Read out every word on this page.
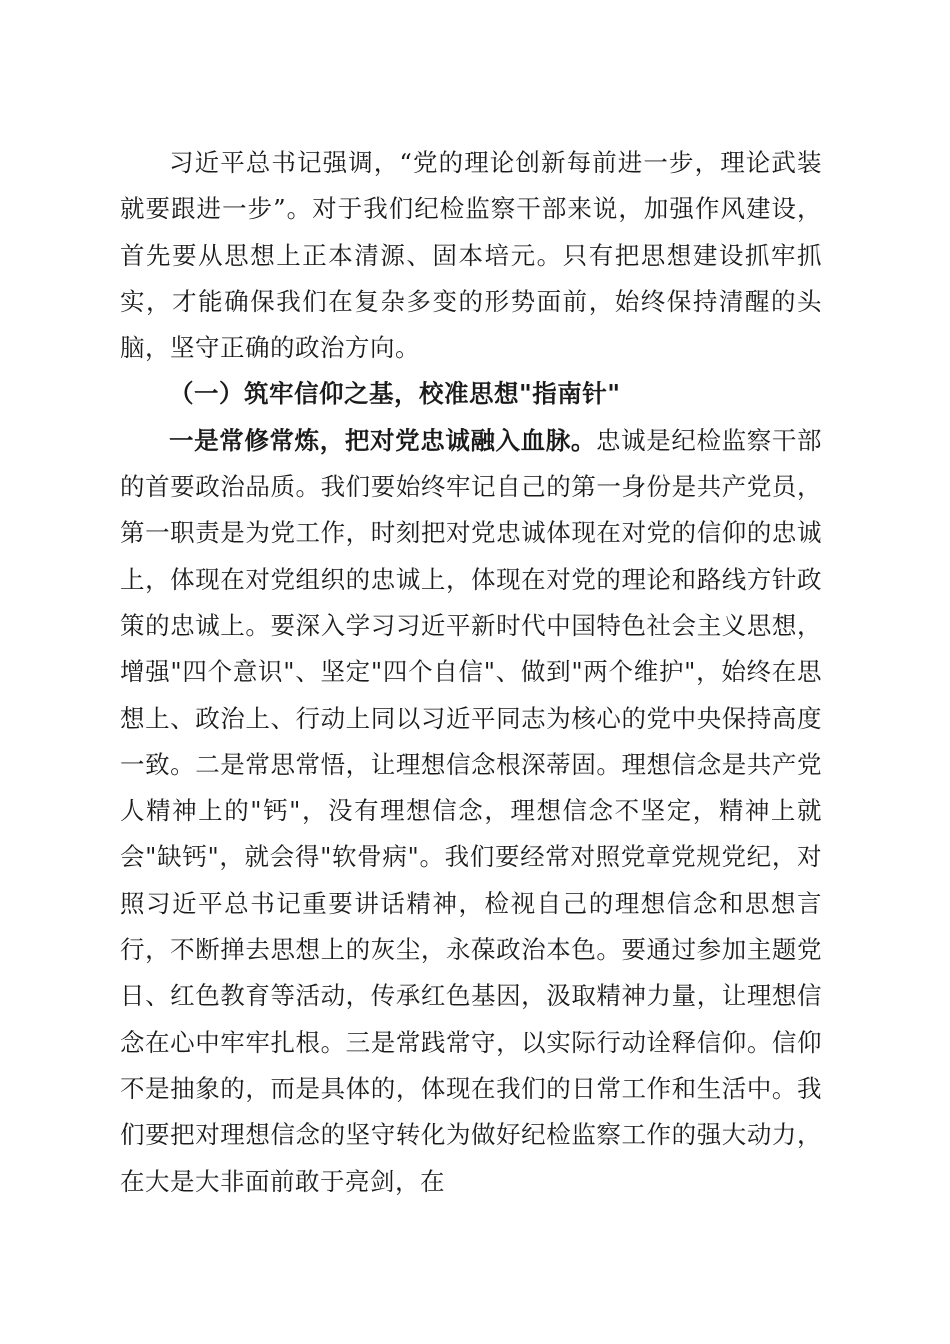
习近平总书记强调，“党的理论创新每前进一步，理论武装就要跟进一步”。对于我们纪检监察干部来说，加强作风建设，首先要从思想上正本清源、固本培元。只有把思想建设抓牢抓实，才能确保我们在复杂多变的形势面前，始终保持清醒的头脑，坚守正确的政治方向。

（一）筑牢信仰之基，校准思想"指南针"

一是常修常炼，把对党忠诚融入血脉。忠诚是纪检监察干部的首要政治品质。我们要始终牢记自己的第一身份是共产党员，第一职责是为党工作，时刻把对党忠诚体现在对党的信仰的忠诚上，体现在对党组织的忠诚上，体现在对党的理论和路线方针政策的忠诚上。要深入学习习近平新时代中国特色社会主义思想，增强"四个意识"、坚定"四个自信"、做到"两个维护"，始终在思想上、政治上、行动上同以习近平同志为核心的党中央保持高度一致。二是常思常悟，让理想信念根深蒂固。理想信念是共产党人精神上的"钙"，没有理想信念，理想信念不坚定，精神上就会"缺钙"，就会得"软骨病"。我们要经常对照党章党规党纪，对照习近平总书记重要讲话精神，检视自己的理想信念和思想言行，不断掸去思想上的灰尘，永葆政治本色。要通过参加主题党日、红色教育等活动，传承红色基因，汲取精神力量，让理想信念在心中牢牢扎根。三是常践常守，以实际行动诠释信仰。信仰不是抽象的，而是具体的，体现在我们的日常工作和生活中。我们要把对理想信念的坚守转化为做好纪检监察工作的强大动力，在大是大非面前敢于亮剑，在
